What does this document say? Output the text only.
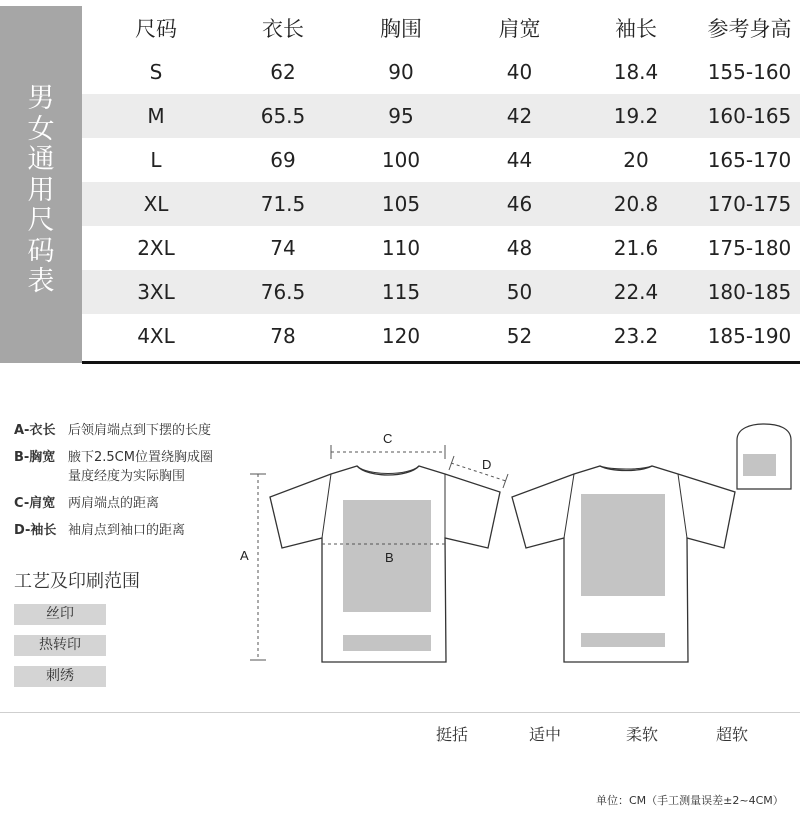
男
女
通
用
尺
码
表
尺码	衣长	胸围	肩宽	袖长	参考身高
S	62	90	40	18.4	155-160
M	65.5	95	42	19.2	160-165
L	69	100	44	20	165-170
XL	71.5	105	46	20.8	170-175
2XL	74	110	48	21.6	175-180
3XL	76.5	115	50	22.4	180-185
4XL	78	120	52	23.2	185-190
A-衣长 后领肩端点到下摆的长度
B-胸宽 腋下2.5CM位置绕胸成圈
量度经度为实际胸围
C-肩宽 两肩端点的距离
D-袖长 袖肩点到袖口的距离
工艺及印刷范围
丝印
热转印
刺绣
A	B
C
D
挺括	适中	柔软	超软
单位：CM（手工测量误差±2~4CM）
